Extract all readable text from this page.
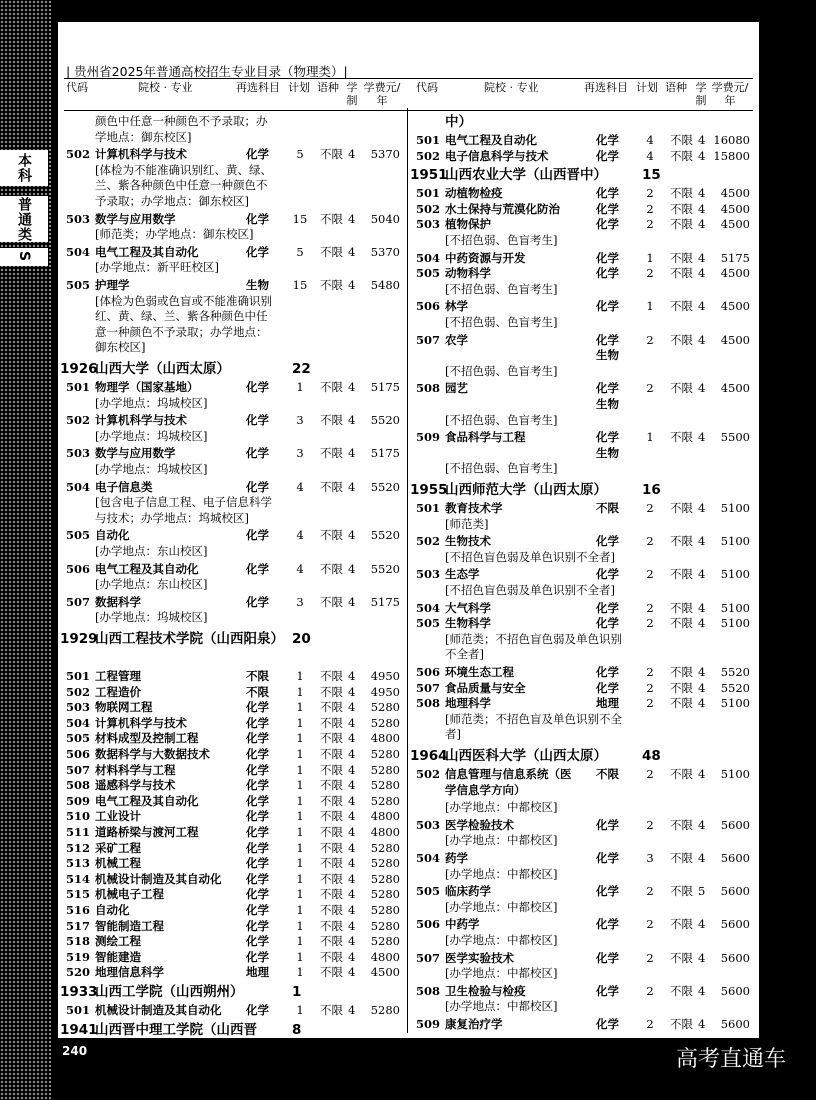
本科
普通类
S
| 贵州省2025年普通高校招生专业目录（物理类）|
代码	院校 · 专业	再选科目 计划 语种 学制
学费元/年
代码	院校 · 专业	再选科目 计划 语种 学制
学费元/年
颜色中任意一种颜色不予录取；办
学地点：御东校区]
502 计算机科学与技术	化学	5	不限 4	5370
[体检为不能准确识别红、黄、绿、
兰、紫各种颜色中任意一种颜色不
予录取；办学地点：御东校区]
503 数学与应用数学	化学 15 不限 4	5040
[师范类；办学地点：御东校区]
504 电气工程及其自动化	化学	5	不限 4	5370
[办学地点：新平旺校区]
505 护理学	生物 15 不限 4	5480
[体检为色弱或色盲或不能准确识别
红、黄、绿、兰、紫各种颜色中任
意一种颜色不予录取；办学地点：
御东校区]
1926
山西大学（山西太原）	22
501 物理学（国家基地）	化学	1	不限 4	5175
[办学地点：坞城校区]
502 计算机科学与技术	化学	3	不限 4	5520
[办学地点：坞城校区]
503 数学与应用数学	化学	3	不限 4	5175
[办学地点：坞城校区]
504 电子信息类	化学	4	不限 4	5520
[包含电子信息工程、电子信息科学
与技术；办学地点：坞城校区]
505 自动化	化学	4	不限 4	5520
[办学地点：东山校区]
506 电气工程及其自动化	化学	4	不限 4	5520
[办学地点：东山校区]
507 数据科学	化学	3	不限 4	5175
[办学地点：坞城校区]
1929
山西工程技术学院（山西阳泉） 20
501 工程管理	不限	1	不限 4	4950
502 工程造价	不限	1	不限 4	4950
503 物联网工程	化学	1	不限 4	5280
504 计算机科学与技术	化学	1	不限 4	5280
505 材料成型及控制工程	化学	1	不限 4	4800
506 数据科学与大数据技术	化学	1	不限 4	5280
507 材料科学与工程	化学	1	不限 4	5280
508 遥感科学与技术	化学	1	不限 4	5280
509 电气工程及其自动化	化学	1	不限 4	5280
510 工业设计	化学	1	不限 4	4800
511 道路桥梁与渡河工程	化学	1	不限 4	4800
512 采矿工程	化学	1	不限 4	5280
513 机械工程	化学	1	不限 4	5280
514 机械设计制造及其自动化 化学	1	不限 4	5280
515 机械电子工程	化学	1	不限 4	5280
516 自动化	化学	1	不限 4	5280
517 智能制造工程	化学	1	不限 4	5280
518 测绘工程	化学	1	不限 4	5280
519 智能建造	化学	1	不限 4	4800
520 地理信息科学	地理	1	不限 4	4500
1933
山西工学院（山西朔州）	1
501 机械设计制造及其自动化 化学	1	不限 4	5280
1941
山西晋中理工学院（山西晋	8
中）
501 电气工程及自动化	化学	4	不限 4 16080
502 电子信息科学与技术	化学	4	不限 4 15800
1951
山西农业大学（山西晋中）	15
501 动植物检疫	化学	2	不限 4	4500
502 水土保持与荒漠化防治	化学	2	不限 4	4500
503 植物保护	化学	2	不限 4	4500
[不招色弱、色盲考生]
504 中药资源与开发	化学	1	不限 4	5175
505 动物科学	化学	2	不限 4	4500
[不招色弱、色盲考生]
506 林学	化学	1	不限 4	4500
[不招色弱、色盲考生]
507 农学	化学	2	不限 4	4500
生物
[不招色弱、色盲考生]
508 园艺	化学	2	不限 4	4500
生物
[不招色弱、色盲考生]
509 食品科学与工程	化学	1	不限 4	5500
生物
[不招色弱、色盲考生]
1955
山西师范大学（山西太原）	16
501 教育技术学	不限	2	不限 4	5100
[师范类]
502 生物技术	化学	2	不限 4	5100
[不招色盲色弱及单色识别不全者]
503 生态学	化学	2	不限 4	5100
[不招色盲色弱及单色识别不全者]
504 大气科学	化学	2	不限 4	5100
505 生物科学	化学	2	不限 4	5100
[师范类；不招色盲色弱及单色识别
不全者]
506 环境生态工程	化学	2	不限 4	5520
507 食品质量与安全	化学	2	不限 4	5520
508 地理科学	地理	2	不限 4	5100
[师范类；不招色盲及单色识别不全
者]
1964
山西医科大学（山西太原）	48
502 信息管理与信息系统（医 不限	2	不限 4	5100
学信息学方向）
[办学地点：中都校区]
503 医学检验技术	化学	2	不限 4	5600
[办学地点：中都校区]
504 药学	化学	3	不限 4	5600
[办学地点：中都校区]
505 临床药学	化学	2	不限 5	5600
[办学地点：中都校区]
506 中药学	化学	2	不限 4	5600
[办学地点：中都校区]
507 医学实验技术	化学	2	不限 4	5600
[办学地点：中都校区]
508 卫生检验与检疫	化学	2	不限 4	5600
[办学地点：中都校区]
509 康复治疗学	化学	2	不限 4	5600
240	高考直通车
